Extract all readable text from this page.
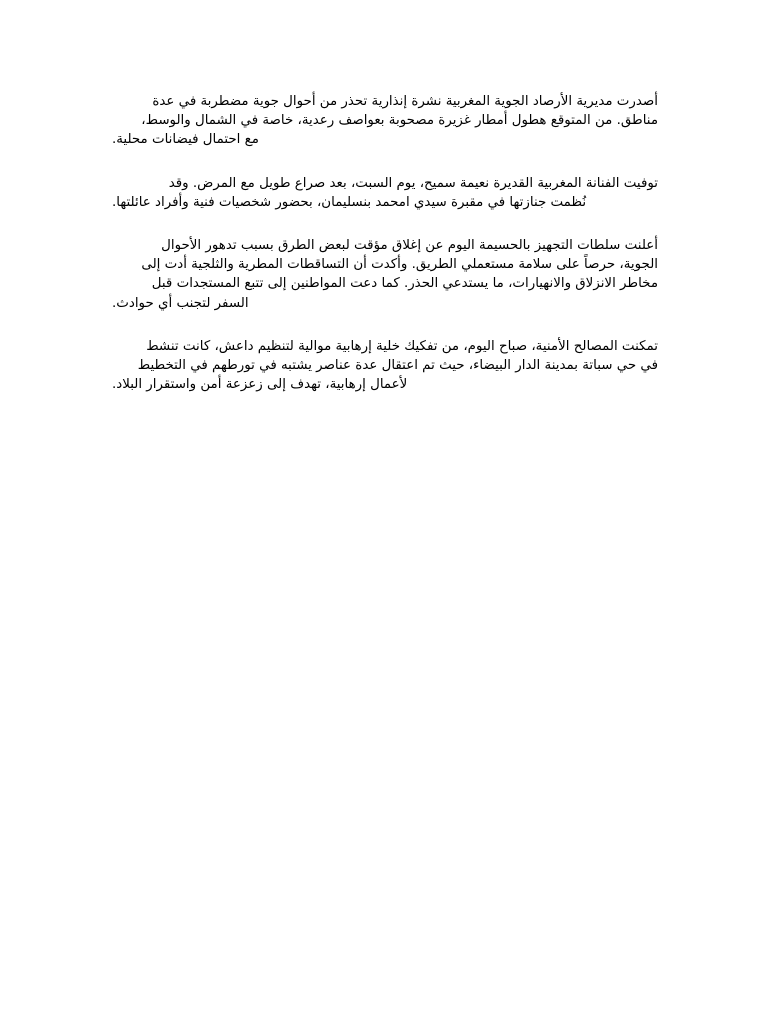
أصدرت مديرية الأرصاد الجوية المغربية نشرة إنذارية تحذر من أحوال جوية مضطربة في عدة
مناطق. من المتوقع هطول أمطار غزيرة مصحوبة بعواصف رعدية، خاصة في الشمال والوسط،
مع احتمال فيضانات محلية.
توفيت الفنانة المغربية القديرة نعيمة سميح، يوم السبت، بعد صراع طويل مع المرض. وقد
نُظمت جنازتها في مقبرة سيدي امحمد بنسليمان، بحضور شخصيات فنية وأفراد عائلتها.
أعلنت سلطات التجهيز بالحسيمة اليوم عن إغلاق مؤقت لبعض الطرق بسبب تدهور الأحوال
الجوية، حرصاً على سلامة مستعملي الطريق. وأكدت أن التساقطات المطرية والثلجية أدت إلى
مخاطر الانزلاق والانهيارات، ما يستدعي الحذر. كما دعت المواطنين إلى تتبع المستجدات قبل
السفر لتجنب أي حوادث.
تمكنت المصالح الأمنية، صباح اليوم، من تفكيك خلية إرهابية موالية لتنظيم داعش، كانت تنشط
في حي سباتة بمدينة الدار البيضاء، حيث تم اعتقال عدة عناصر يشتبه في تورطهم في التخطيط
لأعمال إرهابية، تهدف إلى زعزعة أمن واستقرار البلاد.
